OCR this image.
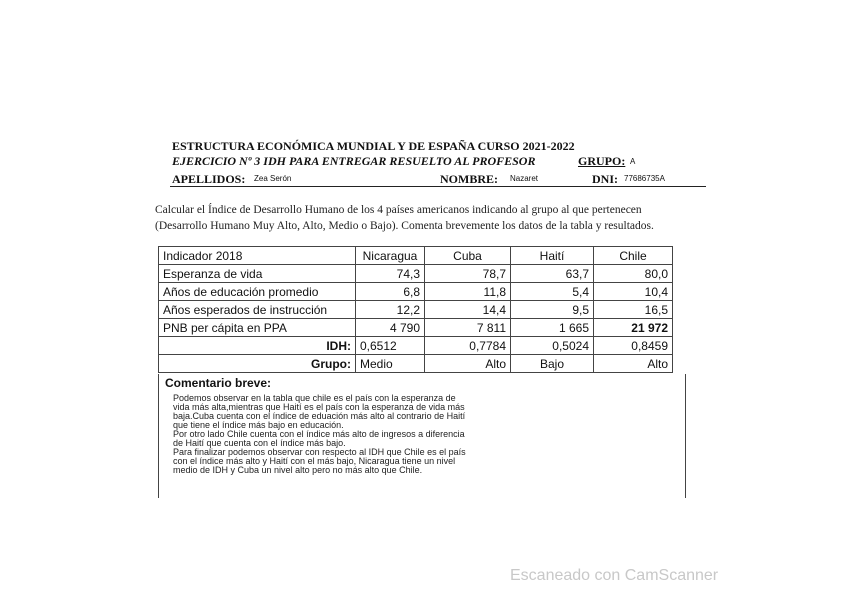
ESTRUCTURA ECONÓMICA MUNDIAL Y DE ESPAÑA CURSO 2021-2022
EJERCICIO Nº 3 IDH PARA ENTREGAR RESUELTO AL PROFESOR	GRUPO: A
APELLIDOS: Zea Serón	NOMBRE: Nazaret	DNI: 77686735A
Calcular el Índice de Desarrollo Humano de los 4 países americanos indicando al grupo al que pertenecen
(Desarrollo Humano Muy Alto, Alto, Medio o Bajo). Comenta brevemente los datos de la tabla y resultados.
Indicador 2018	Nicaragua	Cuba	Haití	Chile
Esperanza de vida	74,3	78,7	63,7	80,0
Años de educación promedio	6,8	11,8	5,4	10,4
Años esperados de instrucción	12,2	14,4	9,5	16,5
PNB per cápita en PPA	4 790	7 811	1 665	21 972
IDH:	0,6512	0,7784	0,5024	0,8459
Grupo:	Medio	Alto	Bajo	Alto
Comentario breve:
Podemos observar en la tabla que chile es el país con la esperanza de
vida más alta,mientras que Haití es el país con la esperanza de vida más
baja.Cuba cuenta con el índice de eduación más alto al contrario de Haití
que tiene el índice más bajo en educación.
Por otro lado Chile cuenta con el índice más alto de ingresos a diferencia
de Haití que cuenta con el índice más bajo.
Para finalizar podemos observar con respecto al IDH que Chile es el país
con el índice más alto y Haití con el más bajo, Nicaragua tiene un nivel
medio de IDH y Cuba un nivel alto pero no más alto que Chile.
Escaneado con CamScanner
